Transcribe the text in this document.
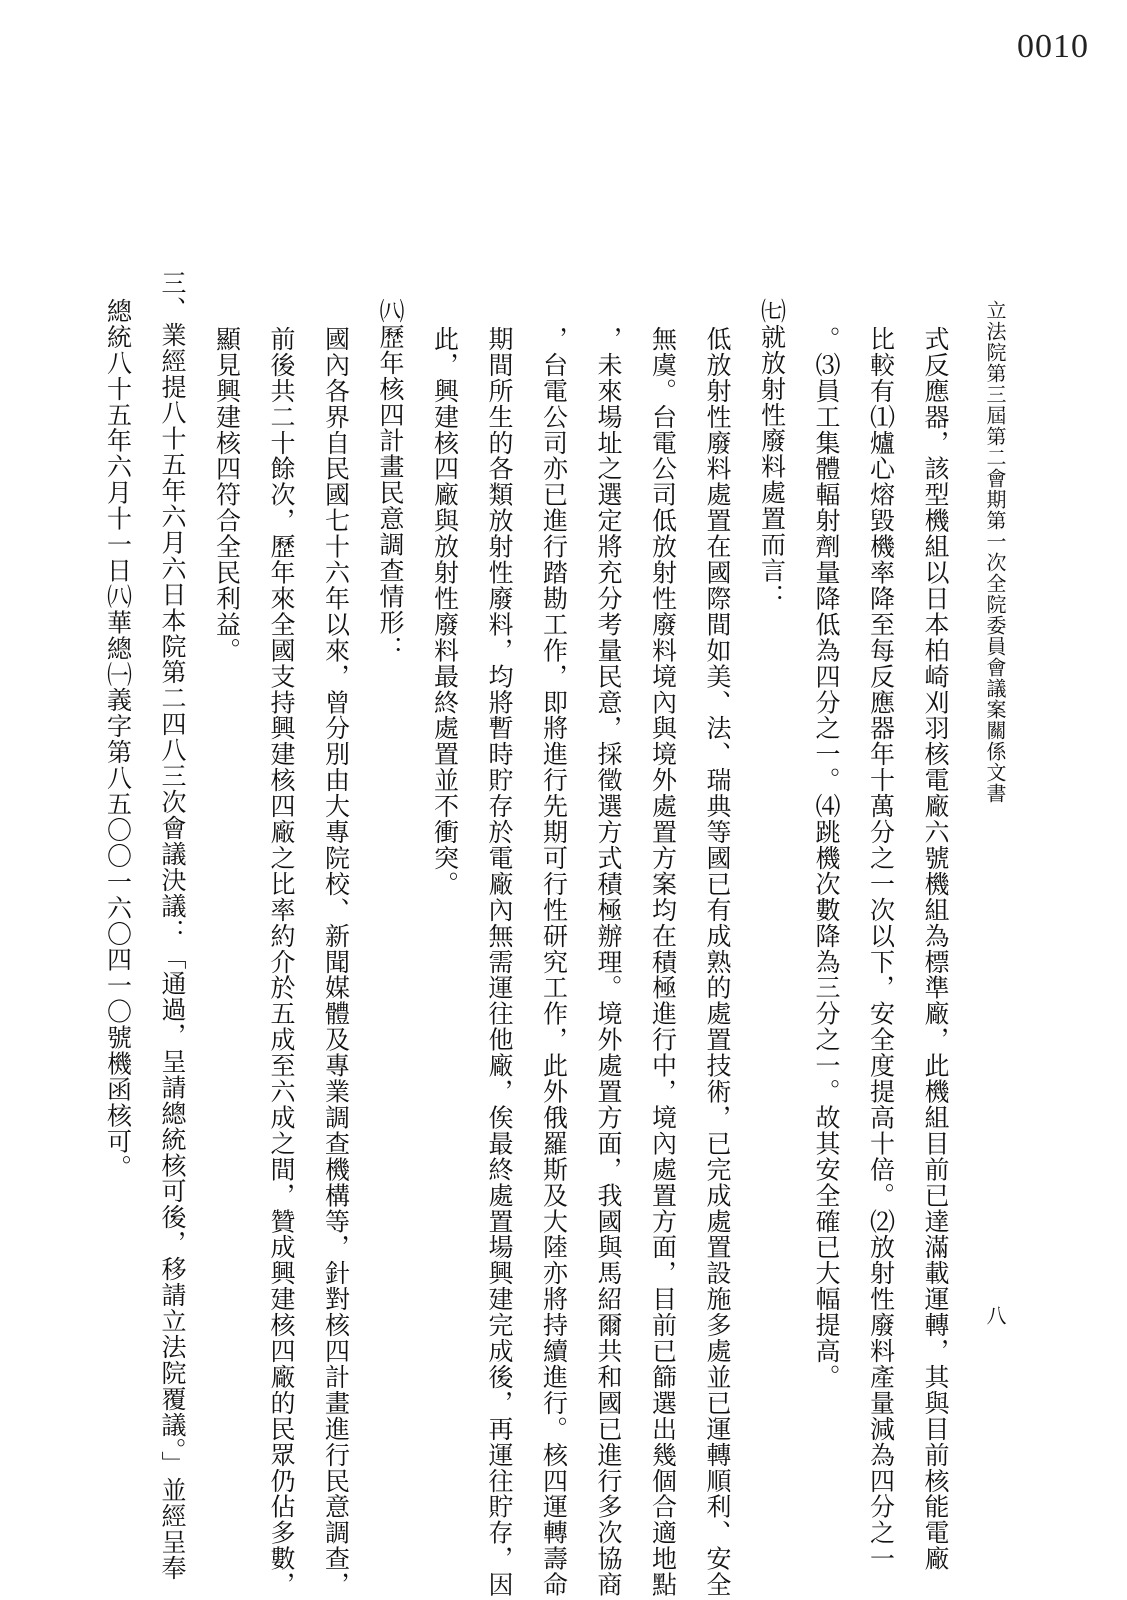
0010
立法院第三屆第二會期第一次全院委員會議案關係文書
八
式反應器，該型機組以日本柏崎刈羽核電廠六號機組為標準廠，此機組目前已達滿載運轉，其與目前核能電廠
比較有⑴爐心熔毀機率降至每反應器年十萬分之一次以下，安全度提高十倍。⑵放射性廢料產量減為四分之一
。⑶員工集體輻射劑量降低為四分之一。⑷跳機次數降為三分之一。故其安全確已大幅提高。
㈦就放射性廢料處置而言：
低放射性廢料處置在國際間如美、法、瑞典等國已有成熟的處置技術，已完成處置設施多處並已運轉順利、安全
無虞。台電公司低放射性廢料境內與境外處置方案均在積極進行中，境內處置方面，目前已篩選出幾個合適地點
，未來場址之選定將充分考量民意，採徵選方式積極辦理。境外處置方面，我國與馬紹爾共和國已進行多次協商
，台電公司亦已進行踏勘工作，即將進行先期可行性研究工作，此外俄羅斯及大陸亦將持續進行。核四運轉壽命
期間所生的各類放射性廢料，均將暫時貯存於電廠內無需運往他廠，俟最終處置場興建完成後，再運往貯存，因
此，興建核四廠與放射性廢料最終處置並不衝突。
㈧歷年核四計畫民意調查情形：
國內各界自民國七十六年以來，曾分別由大專院校、新聞媒體及專業調查機構等，針對核四計畫進行民意調查，
前後共二十餘次，歷年來全國支持興建核四廠之比率約介於五成至六成之間，贊成興建核四廠的民眾仍佔多數，
顯見興建核四符合全民利益。
三、業經提八十五年六月六日本院第二四八三次會議決議：「通過，呈請總統核可後，移請立法院覆議。」並經呈奉
總統八十五年六月十一日㈧華總㈠義字第八五〇〇一六〇四一〇號機函核可。
